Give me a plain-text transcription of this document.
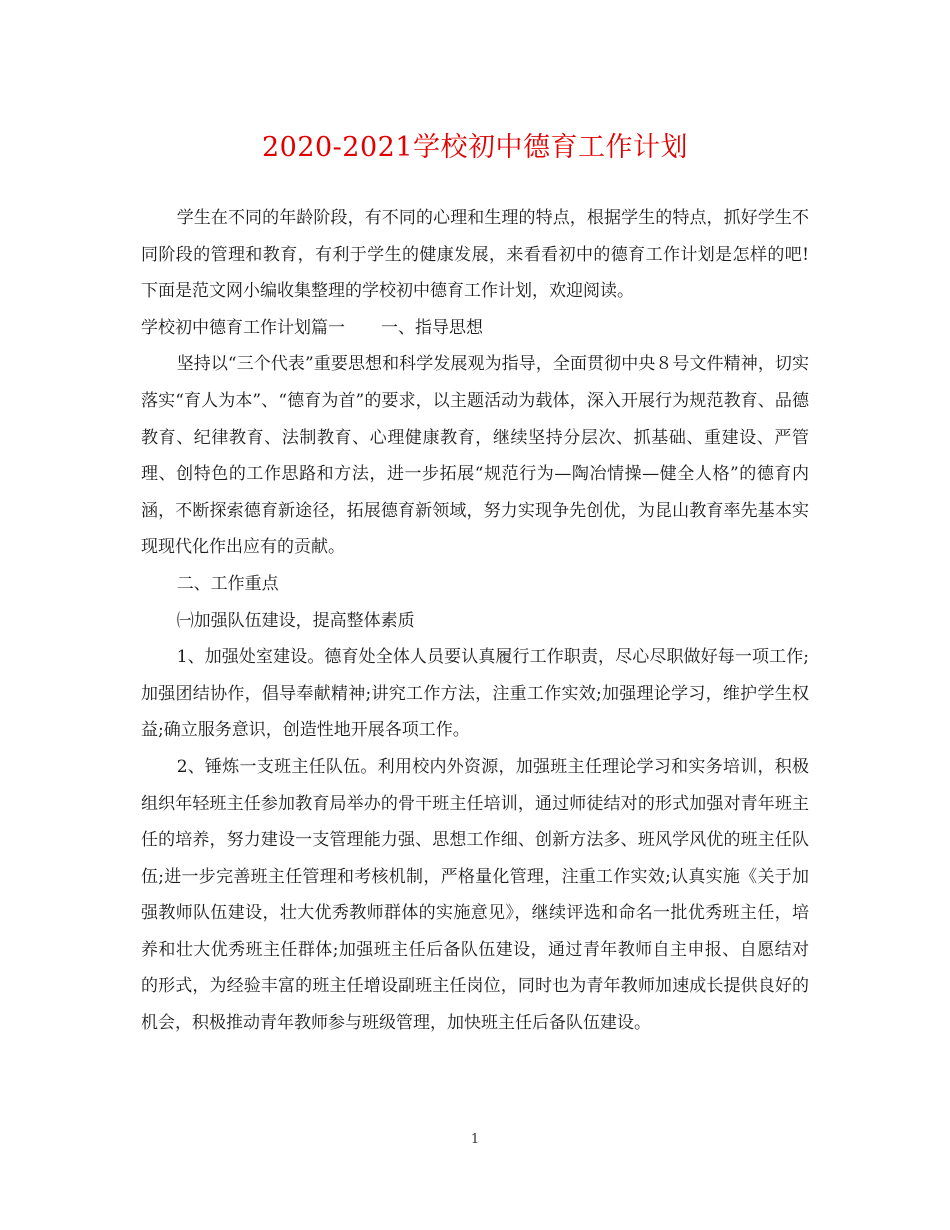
2020-2021学校初中德育工作计划

学生在不同的年龄阶段，有不同的心理和生理的特点，根据学生的特点，抓好学生不同阶段的管理和教育，有利于学生的健康发展，来看看初中的德育工作计划是怎样的吧!下面是范文网小编收集整理的学校初中德育工作计划，欢迎阅读。

学校初中德育工作计划篇一 一、指导思想

坚持以“三个代表”重要思想和科学发展观为指导，全面贯彻中央８号文件精神，切实落实“育人为本”、“德育为首”的要求，以主题活动为载体，深入开展行为规范教育、品德教育、纪律教育、法制教育、心理健康教育，继续坚持分层次、抓基础、重建设、严管理、创特色的工作思路和方法，进一步拓展“规范行为—陶冶情操—健全人格”的德育内涵，不断探索德育新途径，拓展德育新领域，努力实现争先创优，为昆山教育率先基本实现现代化作出应有的贡献。

二、工作重点

㈠加强队伍建设，提高整体素质

1、加强处室建设。德育处全体人员要认真履行工作职责，尽心尽职做好每一项工作;加强团结协作，倡导奉献精神;讲究工作方法，注重工作实效;加强理论学习，维护学生权益;确立服务意识，创造性地开展各项工作。

2、锤炼一支班主任队伍。利用校内外资源，加强班主任理论学习和实务培训，积极组织年轻班主任参加教育局举办的骨干班主任培训，通过师徒结对的形式加强对青年班主任的培养，努力建设一支管理能力强、思想工作细、创新方法多、班风学风优的班主任队伍;进一步完善班主任管理和考核机制，严格量化管理，注重工作实效;认真实施《关于加强教师队伍建设，壮大优秀教师群体的实施意见》，继续评选和命名一批优秀班主任，培养和壮大优秀班主任群体;加强班主任后备队伍建设，通过青年教师自主申报、自愿结对的形式，为经验丰富的班主任增设副班主任岗位，同时也为青年教师加速成长提供良好的机会，积极推动青年教师参与班级管理，加快班主任后备队伍建设。

1
